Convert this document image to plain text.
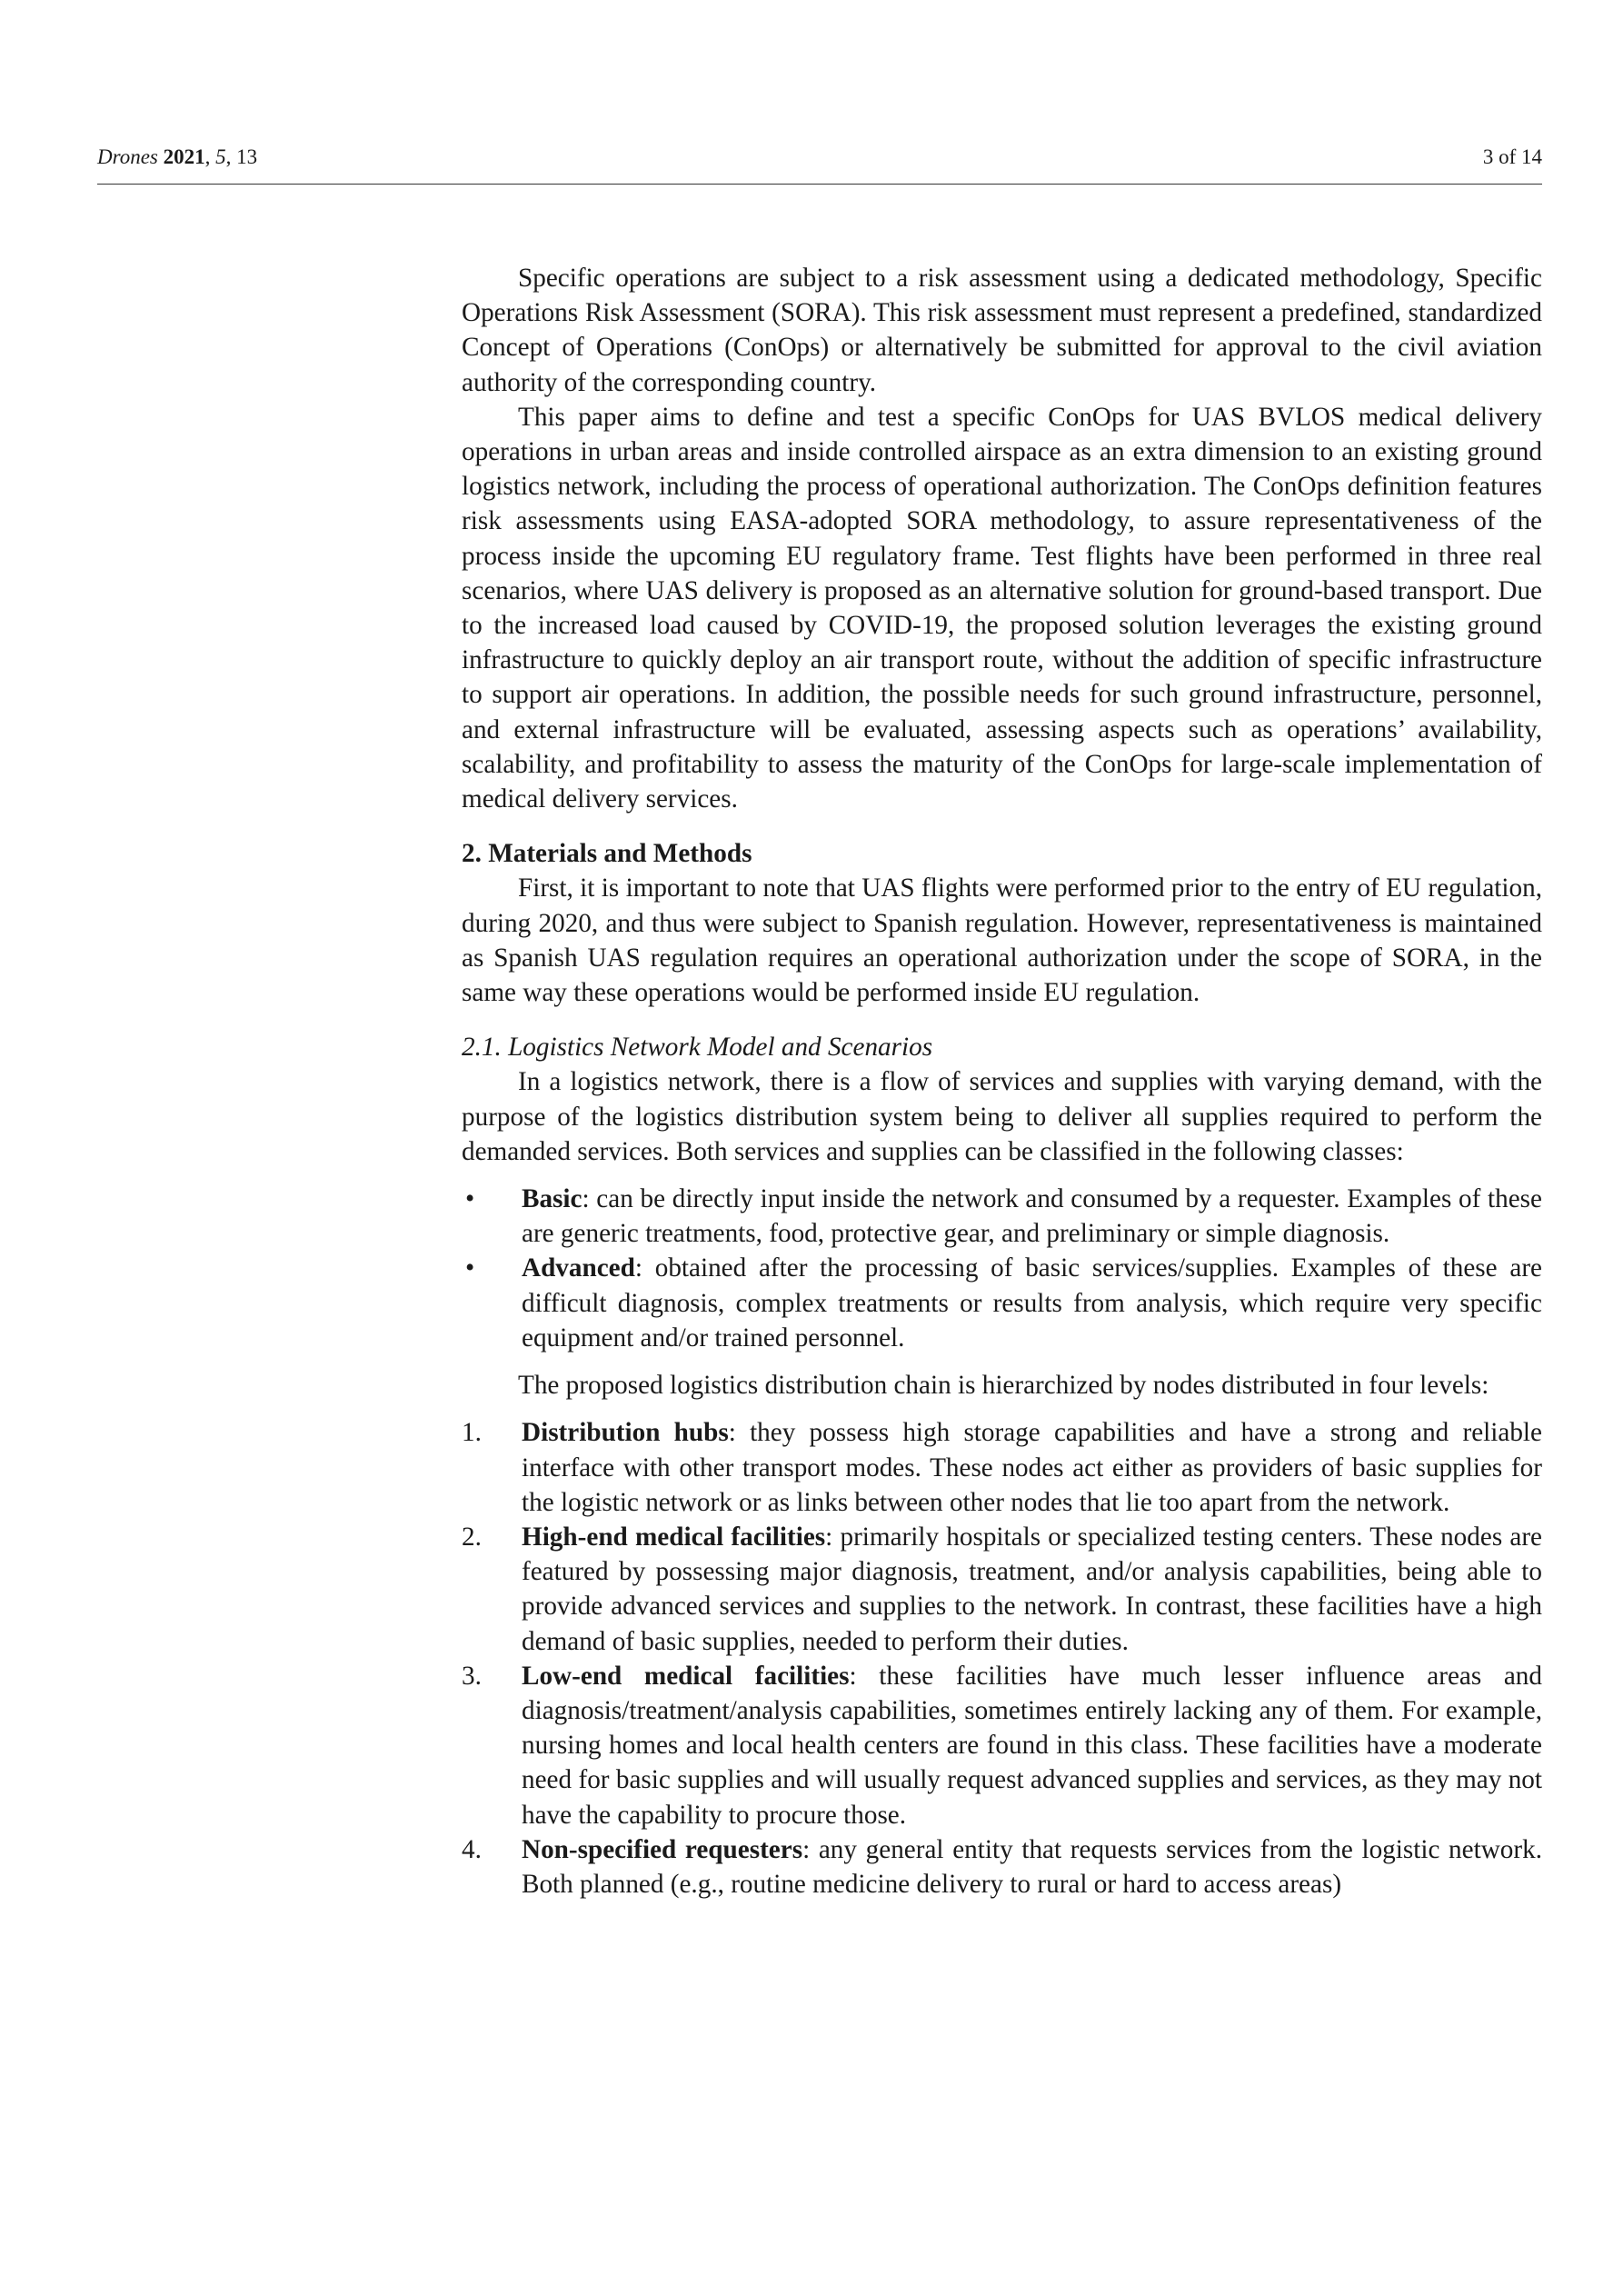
Drones 2021, 5, 13	3 of 14

Specific operations are subject to a risk assessment using a dedicated methodology, Specific Operations Risk Assessment (SORA). This risk assessment must represent a predefined, standardized Concept of Operations (ConOps) or alternatively be submitted for approval to the civil aviation authority of the corresponding country.

This paper aims to define and test a specific ConOps for UAS BVLOS medical delivery operations in urban areas and inside controlled airspace as an extra dimension to an existing ground logistics network, including the process of operational authorization. The ConOps definition features risk assessments using EASA-adopted SORA methodology, to assure representativeness of the process inside the upcoming EU regulatory frame. Test flights have been performed in three real scenarios, where UAS delivery is proposed as an alternative solution for ground-based transport. Due to the increased load caused by COVID-19, the proposed solution leverages the existing ground infrastructure to quickly deploy an air transport route, without the addition of specific infrastructure to support air operations. In addition, the possible needs for such ground infrastructure, personnel, and external infrastructure will be evaluated, assessing aspects such as operations’ availability, scalability, and profitability to assess the maturity of the ConOps for large-scale implementation of medical delivery services.

2. Materials and Methods

First, it is important to note that UAS flights were performed prior to the entry of EU regulation, during 2020, and thus were subject to Spanish regulation. However, representativeness is maintained as Spanish UAS regulation requires an operational authorization under the scope of SORA, in the same way these operations would be performed inside EU regulation.

2.1. Logistics Network Model and Scenarios

In a logistics network, there is a flow of services and supplies with varying demand, with the purpose of the logistics distribution system being to deliver all supplies required to perform the demanded services. Both services and supplies can be classified in the following classes:

• Basic: can be directly input inside the network and consumed by a requester. Examples of these are generic treatments, food, protective gear, and preliminary or simple diagnosis.
• Advanced: obtained after the processing of basic services/supplies. Examples of these are difficult diagnosis, complex treatments or results from analysis, which require very specific equipment and/or trained personnel.

The proposed logistics distribution chain is hierarchized by nodes distributed in four levels:

1. Distribution hubs: they possess high storage capabilities and have a strong and reliable interface with other transport modes. These nodes act either as providers of basic supplies for the logistic network or as links between other nodes that lie too apart from the network.
2. High-end medical facilities: primarily hospitals or specialized testing centers. These nodes are featured by possessing major diagnosis, treatment, and/or analysis capabilities, being able to provide advanced services and supplies to the network. In contrast, these facilities have a high demand of basic supplies, needed to perform their duties.
3. Low-end medical facilities: these facilities have much lesser influence areas and diagnosis/treatment/analysis capabilities, sometimes entirely lacking any of them. For example, nursing homes and local health centers are found in this class. These facilities have a moderate need for basic supplies and will usually request advanced supplies and services, as they may not have the capability to procure those.
4. Non-specified requesters: any general entity that requests services from the logistic network. Both planned (e.g., routine medicine delivery to rural or hard to access areas)
